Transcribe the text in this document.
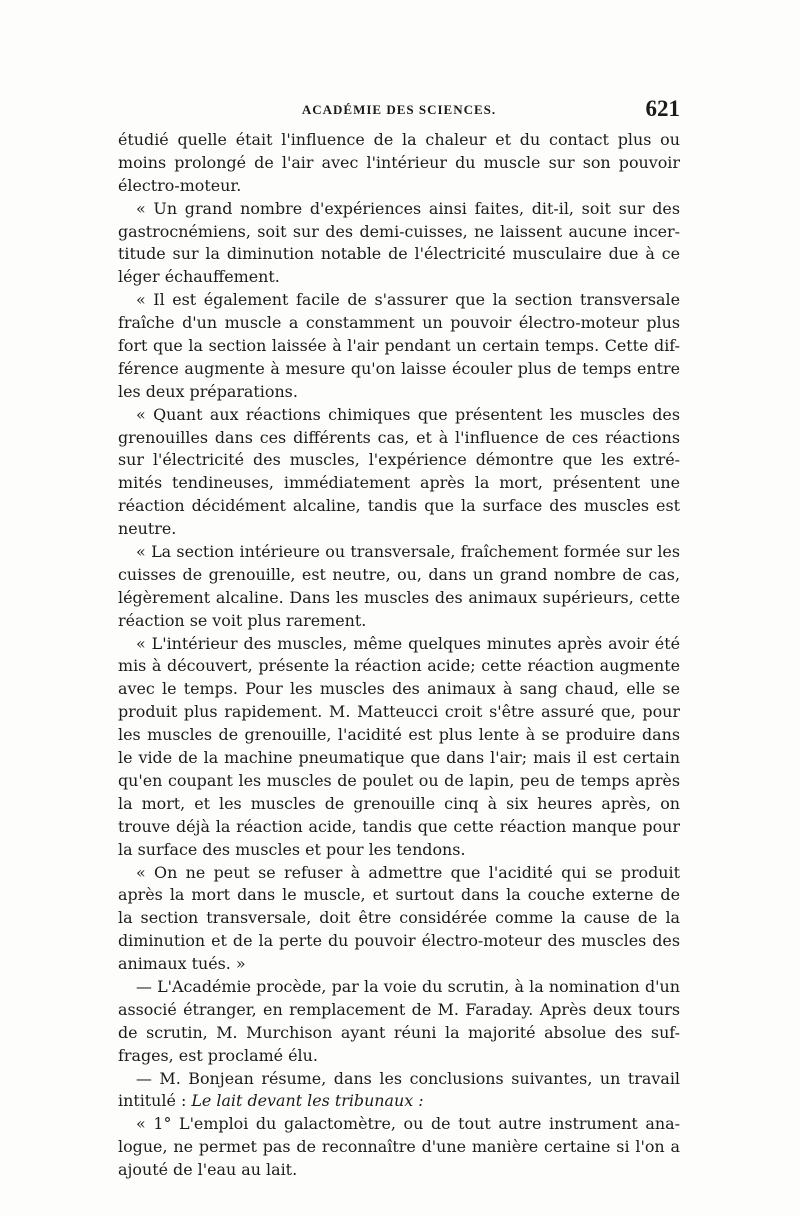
ACADÉMIE DES SCIENCES.	621
étudié quelle était l'influence de la chaleur et du contact plus ou
moins prolongé de l'air avec l'intérieur du muscle sur son pouvoir
électro-moteur.
« Un grand nombre d'expériences ainsi faites, dit-il, soit sur des
gastrocnémiens, soit sur des demi-cuisses, ne laissent aucune incer-
titude sur la diminution notable de l'électricité musculaire due à ce
léger échauffement.
« Il est également facile de s'assurer que la section transversale
fraîche d'un muscle a constamment un pouvoir électro-moteur plus
fort que la section laissée à l'air pendant un certain temps. Cette dif-
férence augmente à mesure qu'on laisse écouler plus de temps entre
les deux préparations.
« Quant aux réactions chimiques que présentent les muscles des
grenouilles dans ces différents cas, et à l'influence de ces réactions
sur l'électricité des muscles, l'expérience démontre que les extré-
mités tendineuses, immédiatement après la mort, présentent une
réaction décidément alcaline, tandis que la surface des muscles est
neutre.
« La section intérieure ou transversale, fraîchement formée sur les
cuisses de grenouille, est neutre, ou, dans un grand nombre de cas,
légèrement alcaline. Dans les muscles des animaux supérieurs, cette
réaction se voit plus rarement.
« L'intérieur des muscles, même quelques minutes après avoir été
mis à découvert, présente la réaction acide; cette réaction augmente
avec le temps. Pour les muscles des animaux à sang chaud, elle se
produit plus rapidement. M. Matteucci croit s'être assuré que, pour
les muscles de grenouille, l'acidité est plus lente à se produire dans
le vide de la machine pneumatique que dans l'air; mais il est certain
qu'en coupant les muscles de poulet ou de lapin, peu de temps après
la mort, et les muscles de grenouille cinq à six heures après, on
trouve déjà la réaction acide, tandis que cette réaction manque pour
la surface des muscles et pour les tendons.
« On ne peut se refuser à admettre que l'acidité qui se produit
après la mort dans le muscle, et surtout dans la couche externe de
la section transversale, doit être considérée comme la cause de la
diminution et de la perte du pouvoir électro-moteur des muscles des
animaux tués. »
— L'Académie procède, par la voie du scrutin, à la nomination d'un
associé étranger, en remplacement de M. Faraday. Après deux tours
de scrutin, M. Murchison ayant réuni la majorité absolue des suf-
frages, est proclamé élu.
— M. Bonjean résume, dans les conclusions suivantes, un travail
intitulé : Le lait devant les tribunaux :
« 1° L'emploi du galactomètre, ou de tout autre instrument ana-
logue, ne permet pas de reconnaître d'une manière certaine si l'on a
ajouté de l'eau au lait.
